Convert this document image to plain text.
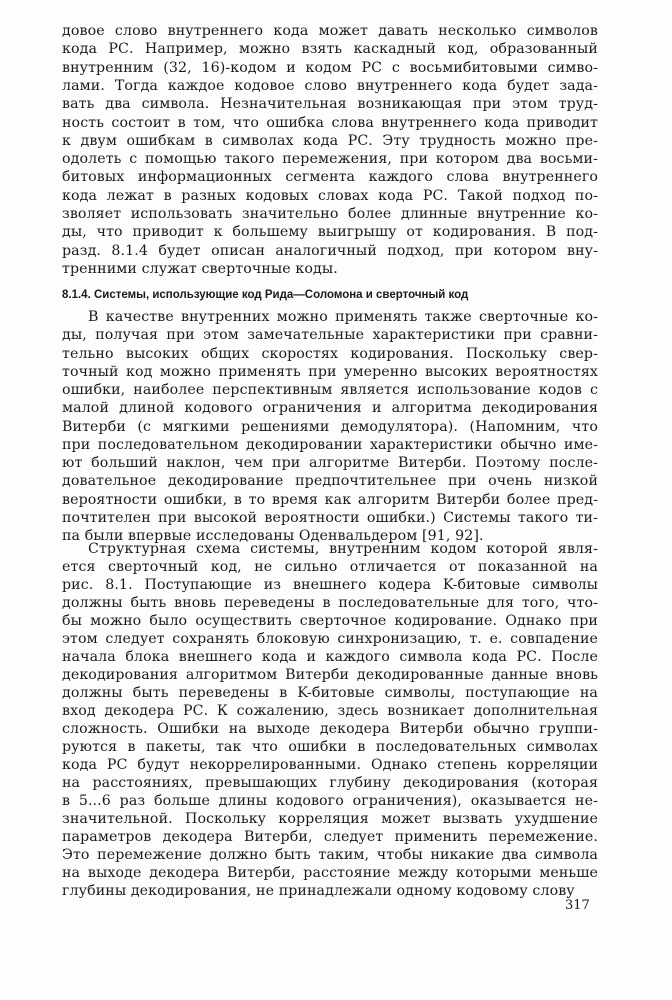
довое слово внутреннего кода может давать несколько символов
кода РС. Например, можно взять каскадный код, образованный
внутренним (32, 16)-кодом и кодом РС с восьмибитовыми симво-
лами. Тогда каждое кодовое слово внутреннего кода будет зада-
вать два символа. Незначительная возникающая при этом труд-
ность состоит в том, что ошибка слова внутреннего кода приводит
к двум ошибкам в символах кода РС. Эту трудность можно пре-
одолеть с помощью такого перемежения, при котором два восьми-
битовых информационных сегмента каждого слова внутреннего
кода лежат в разных кодовых словах кода РС. Такой подход по-
зволяет использовать значительно более длинные внутренние ко-
ды, что приводит к большему выигрышу от кодирования. В под-
разд. 8.1.4 будет описан аналогичный подход, при котором вну-
тренними служат сверточные коды.
8.1.4. Системы, использующие код Рида—Соломона и сверточный код
В качестве внутренних можно применять также сверточные ко-
ды, получая при этом замечательные характеристики при сравни-
тельно высоких общих скоростях кодирования. Поскольку свер-
точный код можно применять при умеренно высоких вероятностях
ошибки, наиболее перспективным является использование кодов с
малой длиной кодового ограничения и алгоритма декодирования
Витерби (с мягкими решениями демодулятора). (Напомним, что
при последовательном декодировании характеристики обычно име-
ют больший наклон, чем при алгоритме Витерби. Поэтому после-
довательное декодирование предпочтительнее при очень низкой
вероятности ошибки, в то время как алгоритм Витерби более пред-
почтителен при высокой вероятности ошибки.) Системы такого ти-
па были впервые исследованы Оденвальдером [91, 92].
Структурная схема системы, внутренним кодом которой явля-
ется сверточный код, не сильно отличается от показанной на
рис. 8.1. Поступающие из внешнего кодера K-битовые символы
должны быть вновь переведены в последовательные для того, что-
бы можно было осуществить сверточное кодирование. Однако при
этом следует сохранять блоковую синхронизацию, т. е. совпадение
начала блока внешнего кода и каждого символа кода РС. После
декодирования алгоритмом Витерби декодированные данные вновь
должны быть переведены в K-битовые символы, поступающие на
вход декодера РС. К сожалению, здесь возникает дополнительная
сложность. Ошибки на выходе декодера Витерби обычно группи-
руются в пакеты, так что ошибки в последовательных символах
кода РС будут некоррелированными. Однако степень корреляции
на расстояниях, превышающих глубину декодирования (которая
в 5...6 раз больше длины кодового ограничения), оказывается не-
значительной. Поскольку корреляция может вызвать ухудшение
параметров декодера Витерби, следует применить перемежение.
Это перемежение должно быть таким, чтобы никакие два символа
на выходе декодера Витерби, расстояние между которыми меньше
глубины декодирования, не принадлежали одному кодовому слову
317
